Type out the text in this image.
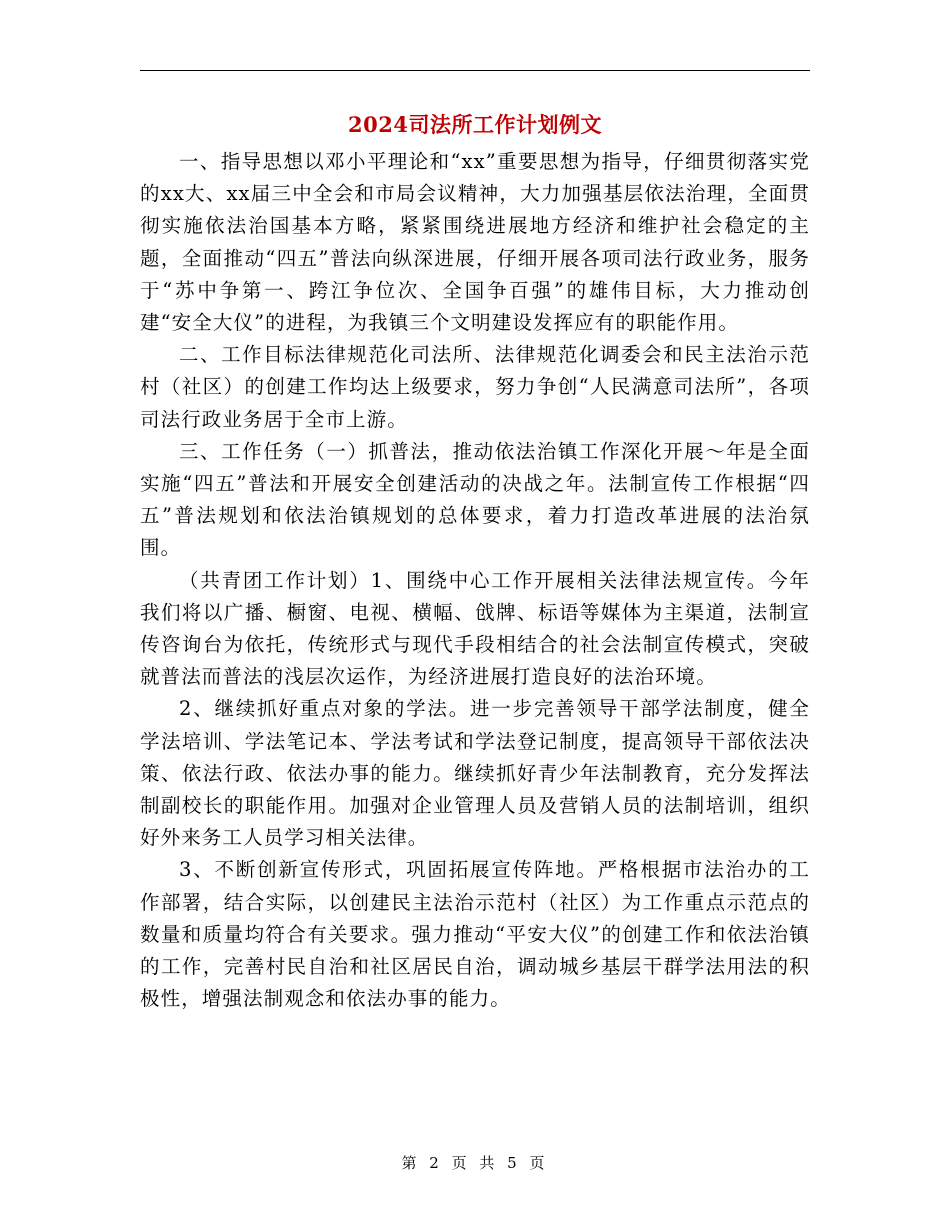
2024司法所工作计划例文

一、指导思想以邓小平理论和“xx”重要思想为指导，仔细贯彻落实党的xx大、xx届三中全会和市局会议精神，大力加强基层依法治理，全面贯彻实施依法治国基本方略，紧紧围绕进展地方经济和维护社会稳定的主题，全面推动“四五”普法向纵深进展，仔细开展各项司法行政业务，服务于“苏中争第一、跨江争位次、全国争百强”的雄伟目标，大力推动创建“安全大仪”的进程，为我镇三个文明建设发挥应有的职能作用。

二、工作目标法律规范化司法所、法律规范化调委会和民主法治示范村（社区）的创建工作均达上级要求，努力争创“人民满意司法所”，各项司法行政业务居于全市上游。

三、工作任务（一）抓普法，推动依法治镇工作深化开展～年是全面实施“四五”普法和开展安全创建活动的决战之年。法制宣传工作根据“四五”普法规划和依法治镇规划的总体要求，着力打造改革进展的法治氛围。

（共青团工作计划）1、围绕中心工作开展相关法律法规宣传。今年我们将以广播、橱窗、电视、横幅、戗牌、标语等媒体为主渠道，法制宣传咨询台为依托，传统形式与现代手段相结合的社会法制宣传模式，突破就普法而普法的浅层次运作，为经济进展打造良好的法治环境。

2、继续抓好重点对象的学法。进一步完善领导干部学法制度，健全学法培训、学法笔记本、学法考试和学法登记制度，提高领导干部依法决策、依法行政、依法办事的能力。继续抓好青少年法制教育，充分发挥法制副校长的职能作用。加强对企业管理人员及营销人员的法制培训，组织好外来务工人员学习相关法律。

3、不断创新宣传形式，巩固拓展宣传阵地。严格根据市法治办的工作部署，结合实际，以创建民主法治示范村（社区）为工作重点示范点的数量和质量均符合有关要求。强力推动“平安大仪”的创建工作和依法治镇的工作，完善村民自治和社区居民自治，调动城乡基层干群学法用法的积极性，增强法制观念和依法办事的能力。

第 2 页 共 5 页
